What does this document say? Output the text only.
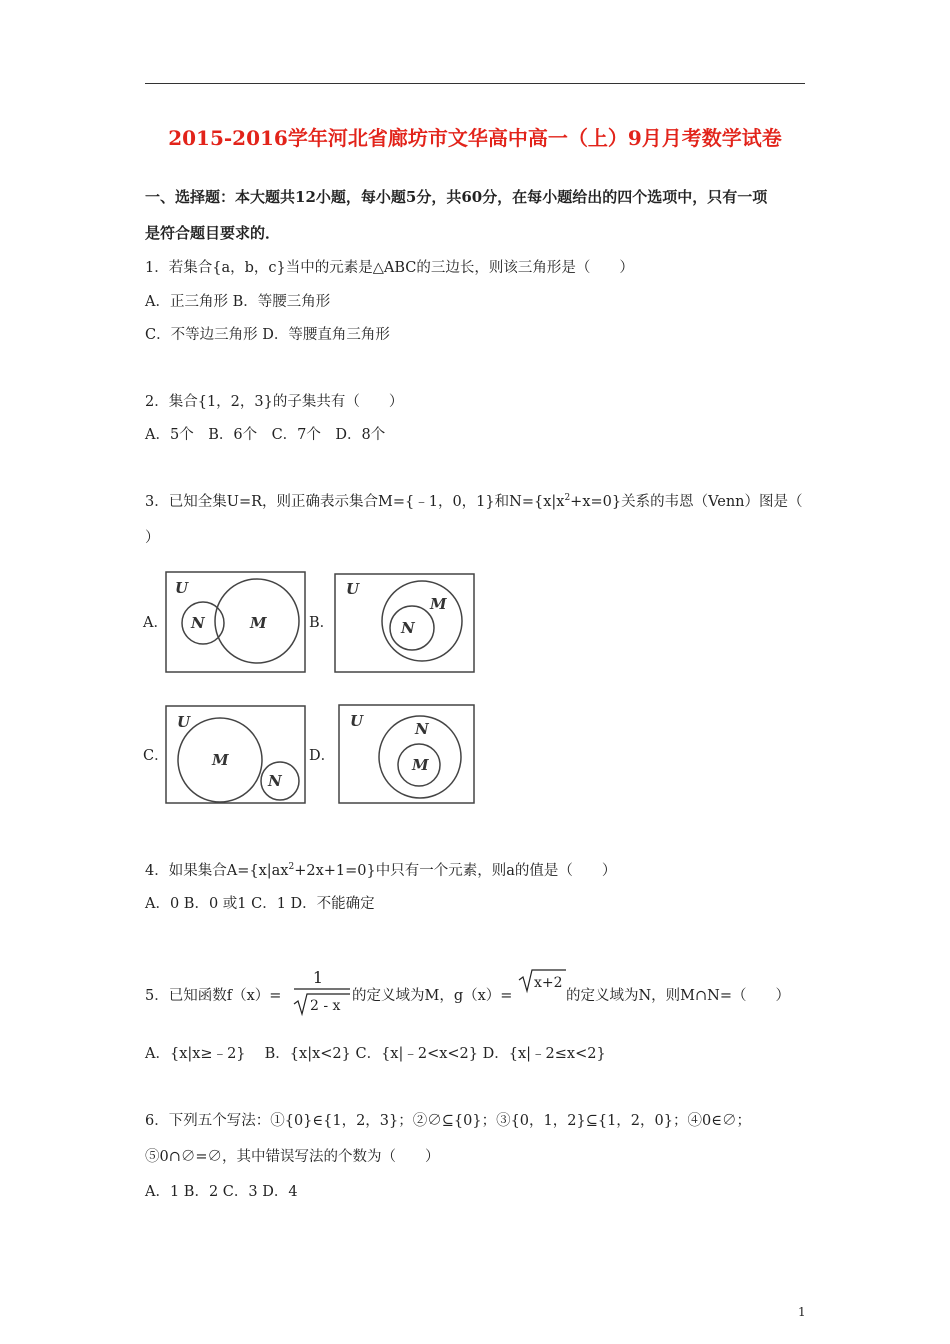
2015-2016学年河北省廊坊市文华高中高一（上）9月月考数学试卷
一、选择题：本大题共12小题，每小题5分，共60分，在每小题给出的四个选项中，只有一项
是符合题目要求的．
1．若集合{a，b，c}当中的元素是△ABC的三边长，则该三角形是（　　）
A．正三角形 B．等腰三角形
C．不等边三角形 D．等腰直角三角形
2．集合{1，2，3}的子集共有（　　）
A．5个　B．6个　C．7个　D．8个
3．已知全集U=R，则正确表示集合M={﹣1，0，1}和$N=\{x|x^2+x=0\}$关系的韦恩（Venn）图是（
）
A．
U
N	M	B．
U
M
N
C．
U
M
N
D．
U	N
M
4．如果集合$A=\{x|ax^2+2x+1=0\}$中只有一个元素，则a的值是（　　）
A．0 B．0 或1 C．1 D．不能确定
5．已知函数f（x）=
1
2 - x
的定义域为M，g（x）=
x+2
的定义域为N，则M∩N=（　　）
A．{x|x≥﹣2}　 B．{x|x<2} C．{x|﹣2<x<2} D．{x|﹣2≤x<2}
6．下列五个写法：①{0}∈{1，2，3}；②∅⊆{0}；③{0，1，2}⊆{1，2，0}；④0∈∅；
⑤0∩∅=∅，其中错误写法的个数为（　　）
A．1 B．2 C．3 D．4
1
